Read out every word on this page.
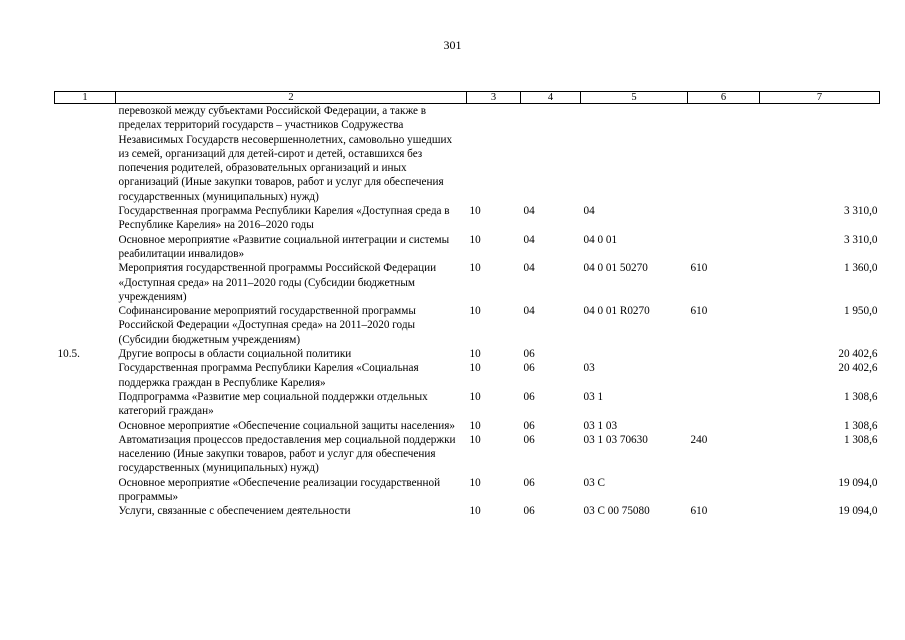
301
1	2	3	4	5	6	7
	перевозкой между субъектами Российской Федерации, а также в пределах территорий государств – участников Содружества Независимых Государств несовершеннолетних, самовольно ушедших из семей, организаций для детей-сирот и детей, оставшихся без попечения родителей, образовательных организаций и иных организаций (Иные закупки товаров, работ и услуг для обеспечения государственных (муниципальных) нужд)					
	Государственная программа Республики Карелия «Доступная среда в Республике Карелия» на 2016–2020 годы	10	04	04		3 310,0
	Основное мероприятие «Развитие социальной интеграции и системы реабилитации инвалидов»	10	04	04 0 01		3 310,0
	Мероприятия государственной программы Российской Федерации «Доступная среда» на 2011–2020 годы (Субсидии бюджетным учреждениям)	10	04	04 0 01 50270	610	1 360,0
	Софинансирование мероприятий государственной программы Российской Федерации «Доступная среда» на 2011–2020 годы (Субсидии бюджетным учреждениям)	10	04	04 0 01 R0270	610	1 950,0
10.5.	Другие вопросы в области социальной политики	10	06			20 402,6
	Государственная программа Республики Карелия «Социальная поддержка граждан в Республике Карелия»	10	06	03		20 402,6
	Подпрограмма «Развитие мер социальной поддержки отдельных категорий граждан»	10	06	03 1		1 308,6
	Основное мероприятие «Обеспечение социальной защиты населения»	10	06	03 1 03		1 308,6
	Автоматизация процессов предоставления мер социальной поддержки населению (Иные закупки товаров, работ и услуг для обеспечения государственных (муниципальных) нужд)	10	06	03 1 03 70630	240	1 308,6
	Основное мероприятие «Обеспечение реализации государственной программы»	10	06	03 С		19 094,0
	Услуги, связанные с обеспечением деятельности	10	06	03 С 00 75080	610	19 094,0
